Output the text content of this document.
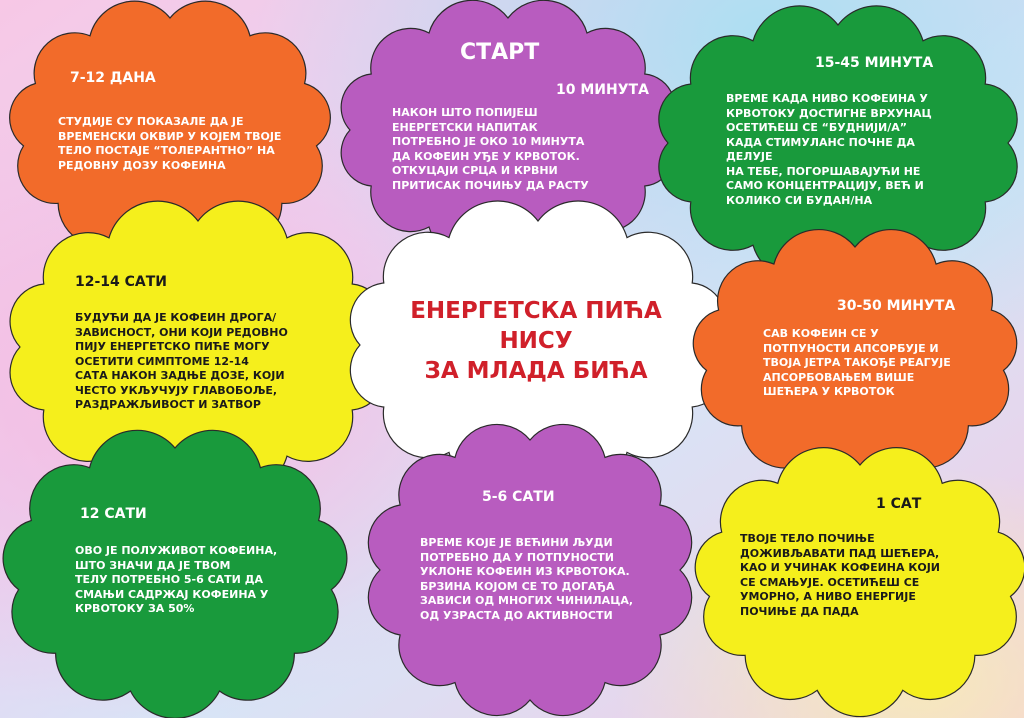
7-12 ДАНА
СТУДИЈЕ СУ ПОКАЗАЛЕ ДА ЈЕ
ВРЕМЕНСКИ ОКВИР У КОЈЕМ ТВОЈЕ
ТЕЛО ПОСТАЈЕ “ТОЛЕРАНТНО” НА
РЕДОВНУ ДОЗУ КОФЕИНА
СТАРТ
10 МИНУТА
НАКОН ШТО ПОПИЈЕШ
ЕНЕРГЕТСКИ НАПИТАК
ПОТРЕБНО ЈЕ ОКО 10 МИНУТА
ДА КОФЕИН УЂЕ У КРВОТОК.
ОТКУЦАЈИ СРЦА И КРВНИ
ПРИТИСАК ПОЧИЊУ ДА РАСТУ
15-45 МИНУТА
ВРЕМЕ КАДА НИВО КОФЕИНА У
КРВОТОКУ ДОСТИГНЕ ВРХУНАЦ
ОСЕТИЋЕШ СЕ “БУДНИЈИ/А”
КАДА СТИМУЛАНС ПОЧНЕ ДА
ДЕЛУЈЕ
НА ТЕБЕ, ПОГОРШАВАЈУЋИ НЕ
САМО КОНЦЕНТРАЦИЈУ, ВЕЋ И
КОЛИКО СИ БУДАН/НА
12-14 САТИ
БУДУЋИ ДА ЈЕ КОФЕИН ДРОГА/
ЗАВИСНОСТ, ОНИ КОЈИ РЕДОВНО
ПИЈУ ЕНЕРГЕТСКО ПИЋЕ МОГУ
ОСЕТИТИ СИМПТОМЕ 12-14
САТА НАКОН ЗАДЊЕ ДОЗЕ, КОЈИ
ЧЕСТО УКЉУЧУЈУ ГЛАВОБОЉЕ,
РАЗДРАЖЉИВОСТ И ЗАТВОР
ЕНЕРГЕТСКА ПИЋА
НИСУ
ЗА МЛАДА БИЋА
30-50 МИНУТА
САВ КОФЕИН СЕ У
ПОТПУНОСТИ АПСОРБУЈЕ И
ТВОЈА ЈЕТРА ТАКОЂЕ РЕАГУЈЕ
АПСОРБОВАЊЕМ ВИШЕ
ШЕЋЕРА У КРВОТОК
12 САТИ
ОВО ЈЕ ПОЛУЖИВОТ КОФЕИНА,
ШТО ЗНАЧИ ДА ЈЕ ТВОМ
ТЕЛУ ПОТРЕБНО 5-6 САТИ ДА
СМАЊИ САДРЖАЈ КОФЕИНА У
КРВОТОКУ ЗА 50%
5-6 САТИ
ВРЕМЕ КОЈЕ ЈЕ ВЕЋИНИ ЉУДИ
ПОТРЕБНО ДА У ПОТПУНОСТИ
УКЛОНЕ КОФЕИН ИЗ КРВОТОКА.
БРЗИНА КОЈОМ СЕ ТО ДОГАЂА
ЗАВИСИ ОД МНОГИХ ЧИНИЛАЦА,
ОД УЗРАСТА ДО АКТИВНОСТИ
1 САТ
ТВОЈЕ ТЕЛО ПОЧИЊЕ
ДОЖИВЉАВАТИ ПАД ШЕЋЕРА,
КАО И УЧИНАК КОФЕИНА КОЈИ
СЕ СМАЊУЈЕ. ОСЕТИЋЕШ СЕ
УМОРНО, А НИВО ЕНЕРГИЈЕ
ПОЧИЊЕ ДА ПАДА
